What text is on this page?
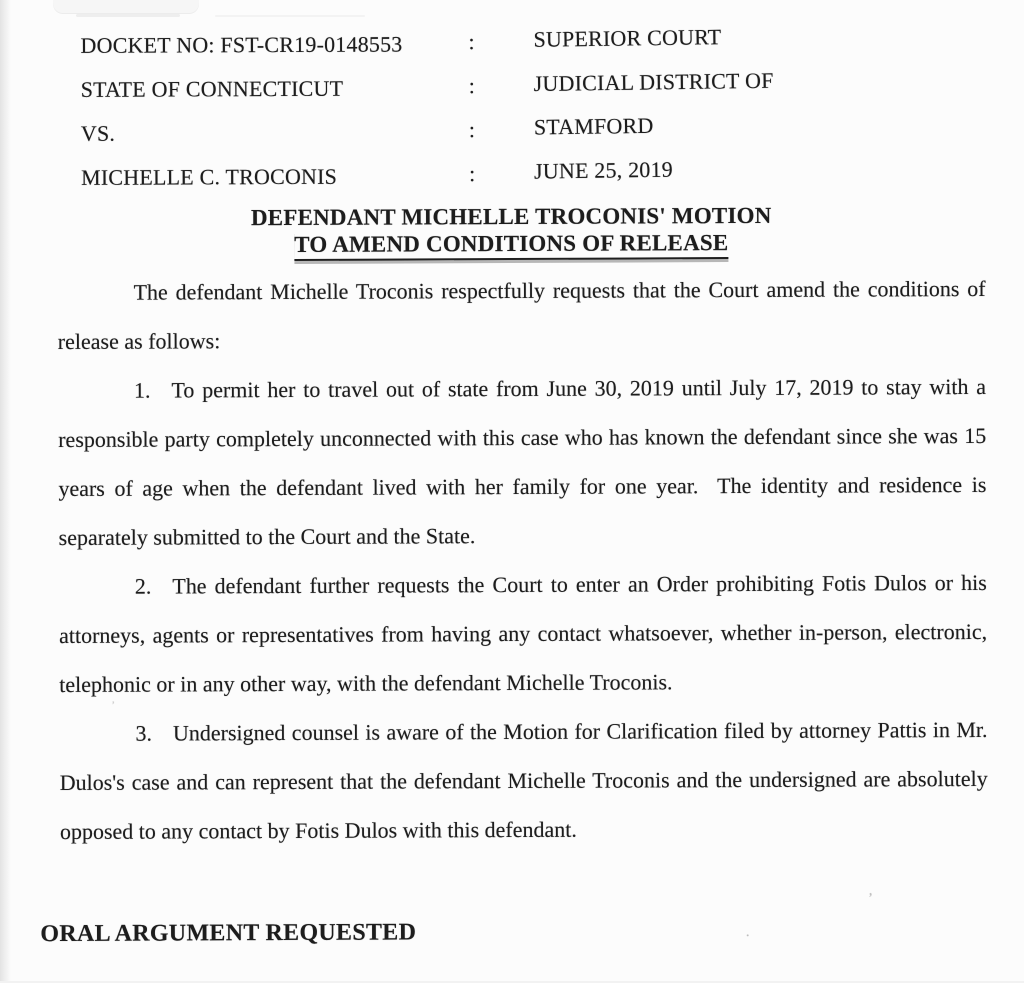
DOCKET NO: FST-CR19-0148553	:	SUPERIOR COURT
STATE OF CONNECTICUT	:	JUDICIAL DISTRICT OF
VS.	:	STAMFORD
MICHELLE C. TROCONIS	:	JUNE 25, 2019
DEFENDANT MICHELLE TROCONIS' MOTION
TO AMEND CONDITIONS OF RELEASE

The defendant Michelle Troconis respectfully requests that the Court amend the conditions of release as follows:

1. To permit her to travel out of state from June 30, 2019 until July 17, 2019 to stay with a responsible party completely unconnected with this case who has known the defendant since she was 15 years of age when the defendant lived with her family for one year.  The identity and residence is separately submitted to the Court and the State.

2. The defendant further requests the Court to enter an Order prohibiting Fotis Dulos or his attorneys, agents or representatives from having any contact whatsoever, whether in-person, electronic, telephonic or in any other way, with the defendant Michelle Troconis.

3. Undersigned counsel is aware of the Motion for Clarification filed by attorney Pattis in Mr. Dulos's case and can represent that the defendant Michelle Troconis and the undersigned are absolutely opposed to any contact by Fotis Dulos with this defendant.

ORAL ARGUMENT REQUESTED
’
·
’
